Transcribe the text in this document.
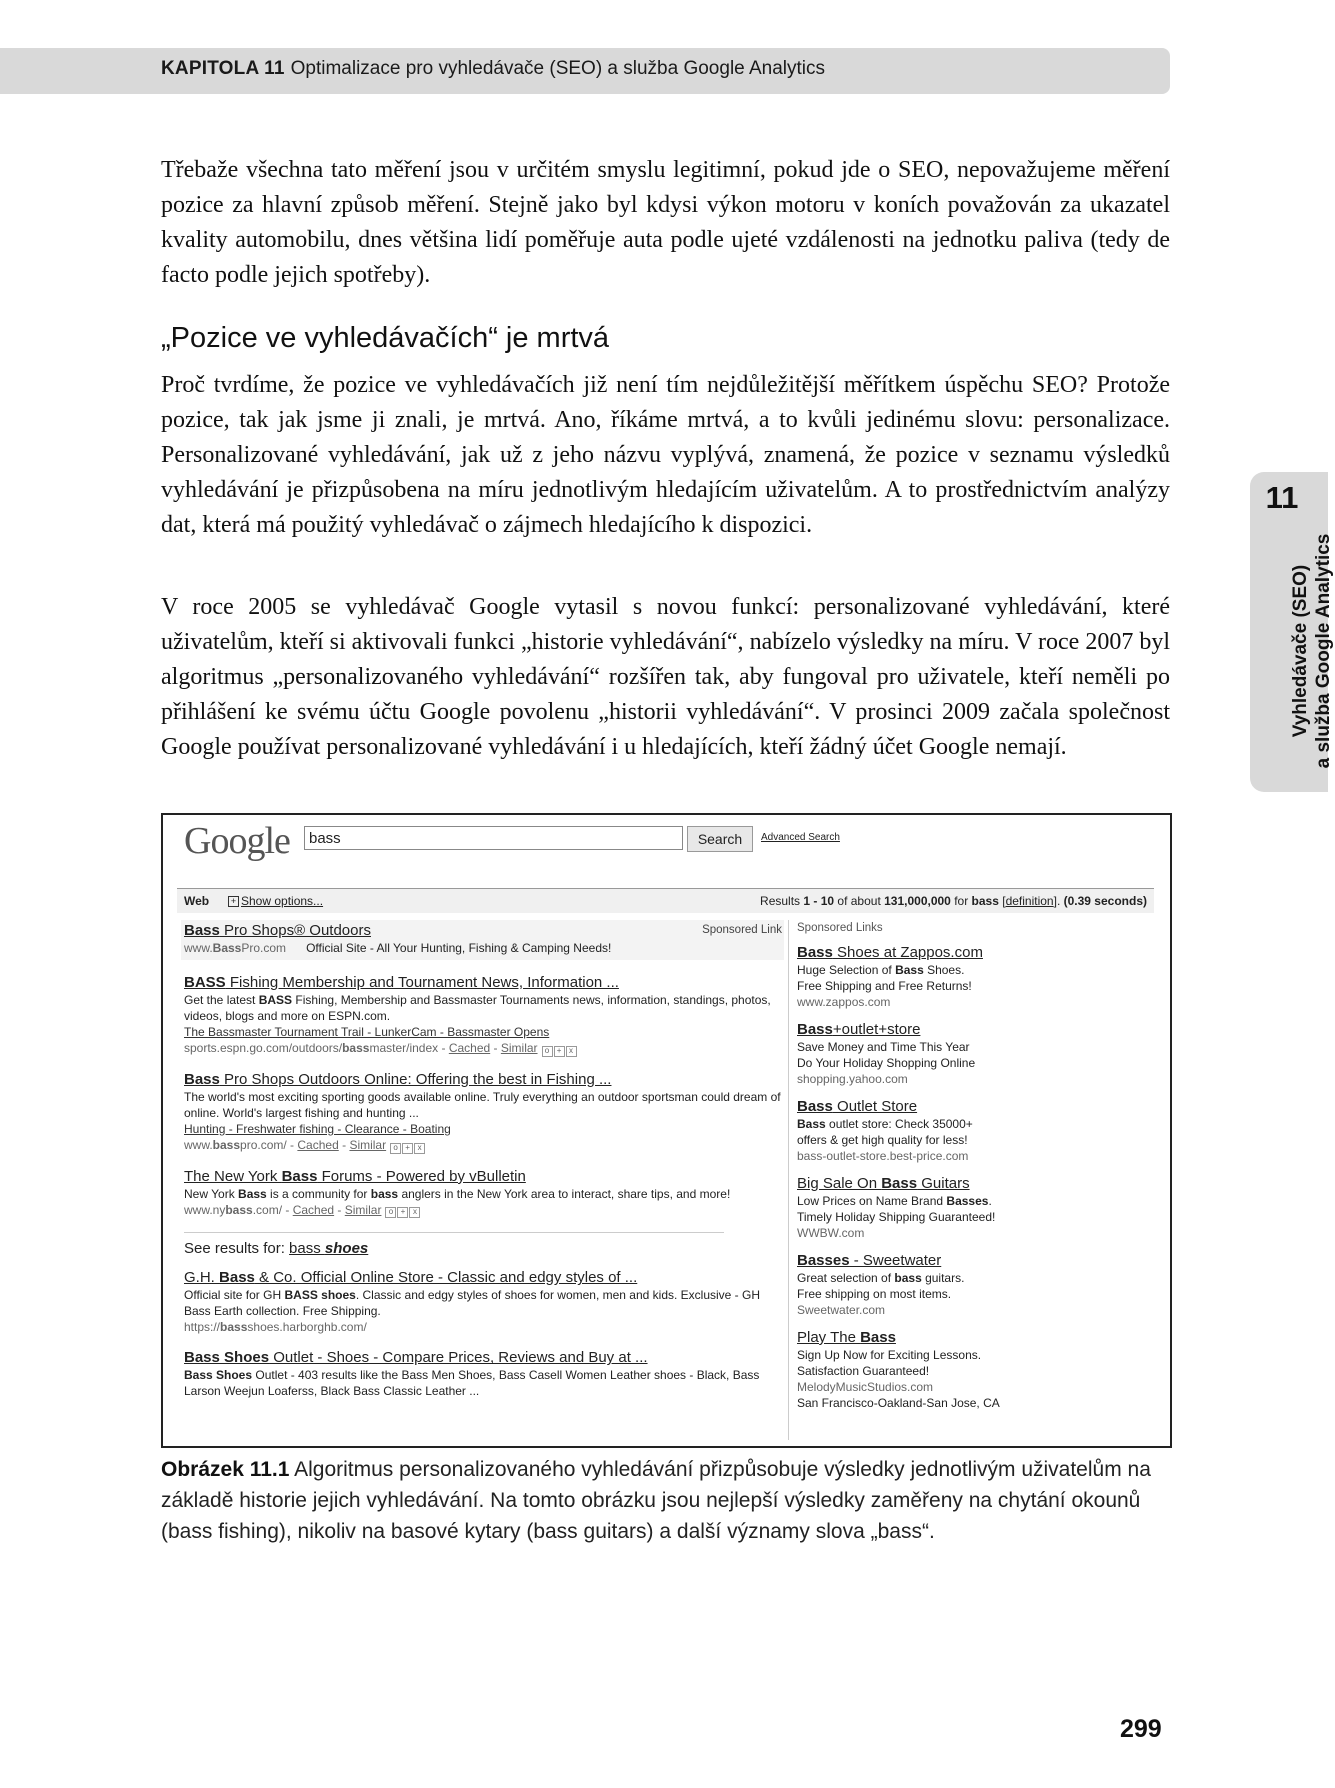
KAPITOLA 11 Optimalizace pro vyhledávače (SEO) a služba Google Analytics
11
Vyhledávače (SEO) a služba Google Analytics

Třebaže všechna tato měření jsou v určitém smyslu legitimní, pokud jde o SEO, nepovažujeme měření pozice za hlavní způsob měření. Stejně jako byl kdysi výkon motoru v koních považován za ukazatel kvality automobilu, dnes většina lidí poměřuje auta podle ujeté vzdálenosti na jednotku paliva (tedy de facto podle jejich spotřeby).

„Pozice ve vyhledávačích“ je mrtvá

Proč tvrdíme, že pozice ve vyhledávačích již není tím nejdůležitější měřítkem úspěchu SEO? Protože pozice, tak jak jsme ji znali, je mrtvá. Ano, říkáme mrtvá, a to kvůli jedinému slovu: personalizace. Personalizované vyhledávání, jak už z jeho názvu vyplývá, znamená, že pozice v seznamu výsledků vyhledávání je přizpůsobena na míru jednotlivým hledajícím uživatelům. A to prostřednictvím analýzy dat, která má použitý vyhledávač o zájmech hledajícího k dispozici.

V roce 2005 se vyhledávač Google vytasil s novou funkcí: personalizované vyhledávání, které uživatelům, kteří si aktivovali funkci „historie vyhledávání“, nabízelo výsledky na míru. V roce 2007 byl algoritmus „personalizovaného vyhledávání“ rozšířen tak, aby fungoval pro uživatele, kteří neměli po přihlášení ke svému účtu Google povolenu „historii vyhledávání“. V prosinci 2009 začala společnost Google používat personalizované vyhledávání i u hledajících, kteří žádný účet Google nemají.

Google
bass	Search	Advanced Search
Web	+ Show options...	Results 1 - 10 of about 131,000,000 for bass [definition]. (0.39 seconds)
Sponsored Link
Bass Pro Shops® Outdoors
www.BassPro.com Official Site - All Your Hunting, Fishing & Camping Needs!
BASS Fishing Membership and Tournament News, Information ...
Get the latest BASS Fishing, Membership and Bassmaster Tournaments news, information, standings, photos, videos, blogs and more on ESPN.com.
The Bassmaster Tournament Trail - LunkerCam - Bassmaster Opens
sports.espn.go.com/outdoors/bassmaster/index - Cached - Similar o + x
Bass Pro Shops Outdoors Online: Offering the best in Fishing ...
The world's most exciting sporting goods available online. Truly everything an outdoor sportsman could dream of online. World's largest fishing and hunting ...
Hunting - Freshwater fishing - Clearance - Boating
www.basspro.com/ - Cached - Similar o + x
The New York Bass Forums - Powered by vBulletin
New York Bass is a community for bass anglers in the New York area to interact, share tips, and more!
www.nybass.com/ - Cached - Similar o + x
See results for: bass shoes
G.H. Bass & Co. Official Online Store - Classic and edgy styles of ...
Official site for GH BASS shoes. Classic and edgy styles of shoes for women, men and kids. Exclusive - GH Bass Earth collection. Free Shipping.
https://bassshoes.harborghb.com/
Bass Shoes Outlet - Shoes - Compare Prices, Reviews and Buy at ...
Bass Shoes Outlet - 403 results like the Bass Men Shoes, Bass Casell Women Leather shoes - Black, Bass Larson Weejun Loaferss, Black Bass Classic Leather ...
Sponsored Links
Bass Shoes at Zappos.com
Huge Selection of Bass Shoes.
Free Shipping and Free Returns!
www.zappos.com
Bass+outlet+store
Save Money and Time This Year
Do Your Holiday Shopping Online
shopping.yahoo.com
Bass Outlet Store
Bass outlet store: Check 35000+
offers & get high quality for less!
bass-outlet-store.best-price.com
Big Sale On Bass Guitars
Low Prices on Name Brand Basses.
Timely Holiday Shipping Guaranteed!
WWBW.com
Basses - Sweetwater
Great selection of bass guitars.
Free shipping on most items.
Sweetwater.com
Play The Bass
Sign Up Now for Exciting Lessons.
Satisfaction Guaranteed!
MelodyMusicStudios.com
San Francisco-Oakland-San Jose, CA

Obrázek 11.1 Algoritmus personalizovaného vyhledávání přizpůsobuje výsledky jednotlivým uživatelům na základě historie jejich vyhledávání. Na tomto obrázku jsou nejlepší výsledky zaměřeny na chytání okounů (bass fishing), nikoliv na basové kytary (bass guitars) a další významy slova „bass“.

299
